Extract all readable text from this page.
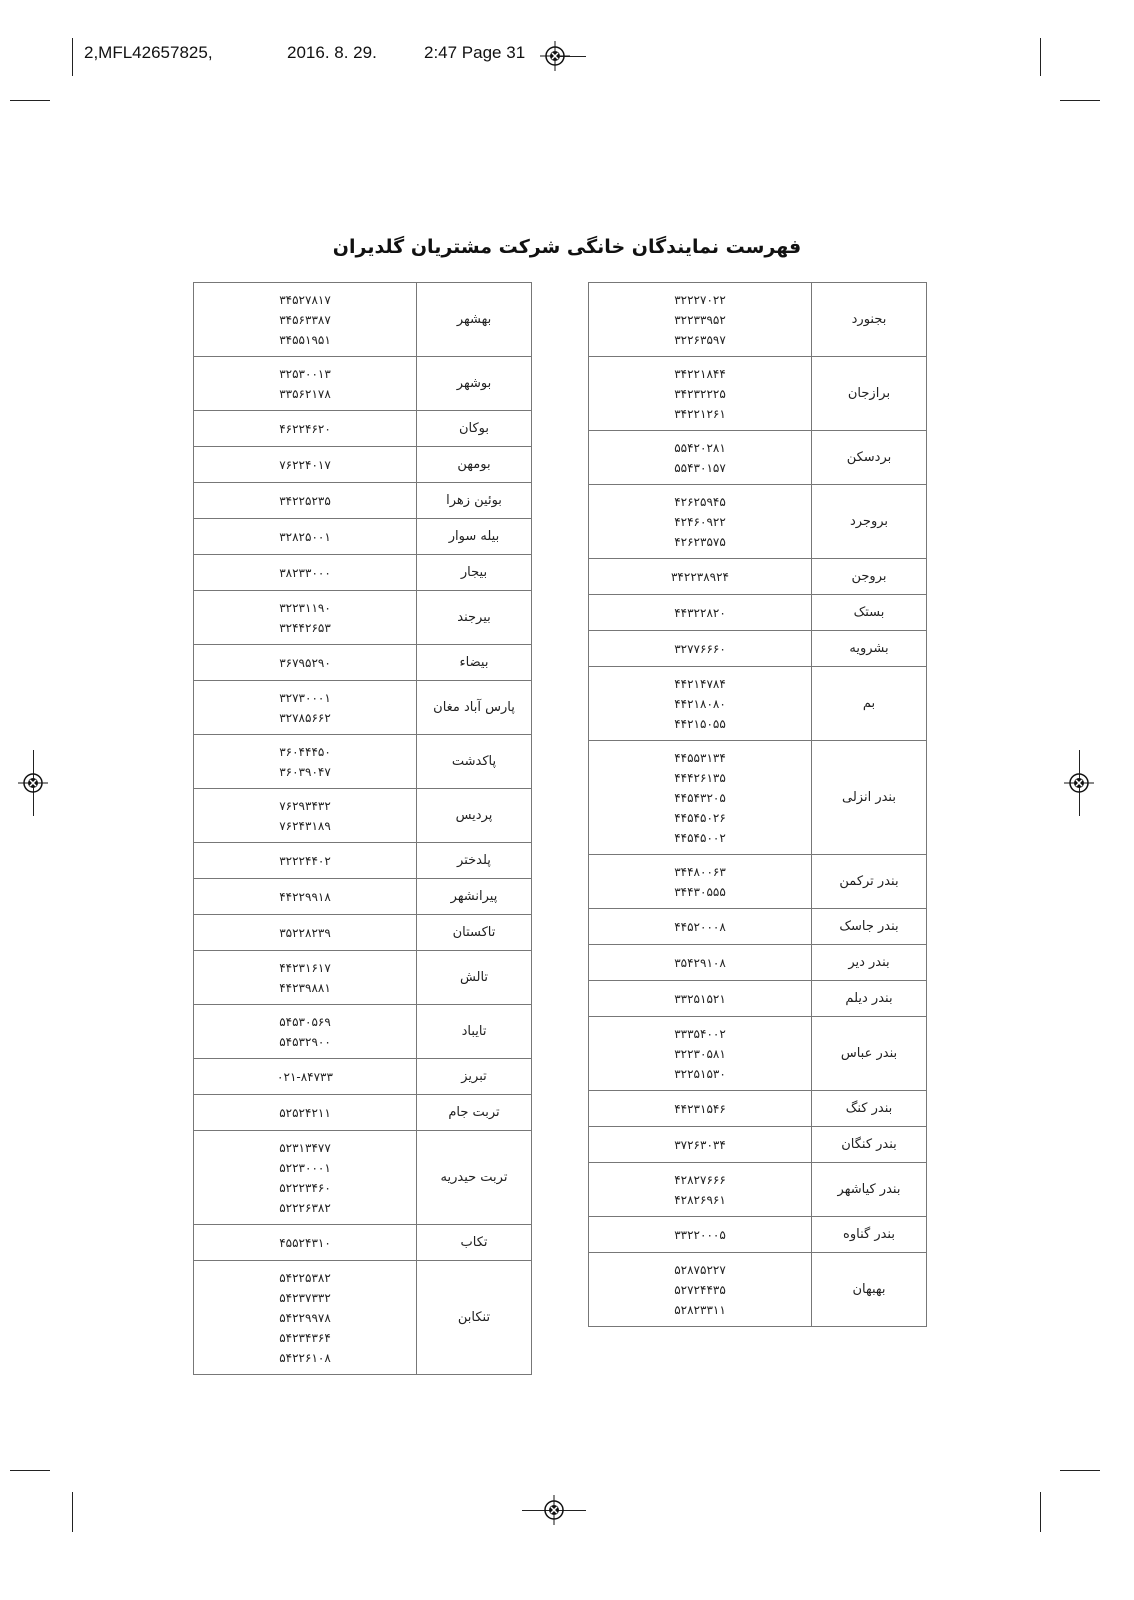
2,MFL42657825,	2016. 8. 29.	2:47 Page 31
فهرست نمایندگان خانگی شرکت مشتریان گلدیران
۳۲۲۲۷۰۲۲
۳۲۲۳۳۹۵۲
۳۲۲۶۳۵۹۷	بجنورد

۳۴۲۲۱۸۴۴
۳۴۲۳۲۲۲۵
۳۴۲۲۱۲۶۱	برازجان

۵۵۴۲۰۲۸۱
۵۵۴۳۰۱۵۷	بردسکن

۴۲۶۲۵۹۴۵
۴۲۴۶۰۹۲۲
۴۲۶۲۳۵۷۵	بروجرد

۳۴۲۲۳۸۹۲۴	بروجن

۴۴۳۲۲۸۲۰	بستک

۳۲۷۷۶۶۶۰	بشرویه

۴۴۲۱۴۷۸۴
۴۴۲۱۸۰۸۰
۴۴۲۱۵۰۵۵	بم

۴۴۵۵۳۱۳۴
۴۴۴۲۶۱۳۵
۴۴۵۴۳۲۰۵
۴۴۵۴۵۰۲۶
۴۴۵۴۵۰۰۲	بندر انزلی

۳۴۴۸۰۰۶۳
۳۴۴۳۰۵۵۵	بندر ترکمن

۴۴۵۲۰۰۰۸	بندر جاسک

۳۵۴۲۹۱۰۸	بندر دیر

۳۳۲۵۱۵۲۱	بندر دیلم

۳۳۳۵۴۰۰۲
۳۲۲۳۰۵۸۱
۳۲۲۵۱۵۳۰	بندر عباس

۴۴۲۳۱۵۴۶	بندر کنگ

۳۷۲۶۳۰۳۴	بندر کنگان

۴۲۸۲۷۶۶۶
۴۲۸۲۶۹۶۱	بندر کیاشهر

۳۳۲۲۰۰۰۵	بندر گناوه

۵۲۸۷۵۲۲۷
۵۲۷۲۴۴۳۵
۵۲۸۲۳۳۱۱	بهبهان
۳۴۵۲۷۸۱۷
۳۴۵۶۳۳۸۷
۳۴۵۵۱۹۵۱	بهشهر

۳۲۵۳۰۰۱۳
۳۳۵۶۲۱۷۸	بوشهر

۴۶۲۲۴۶۲۰	بوکان

۷۶۲۲۴۰۱۷	بومهن

۳۴۲۲۵۲۳۵	بوئین زهرا

۳۲۸۲۵۰۰۱	بیله سوار

۳۸۲۳۳۰۰۰	بیجار

۳۲۲۳۱۱۹۰
۳۲۴۴۲۶۵۳	بیرجند

۳۶۷۹۵۲۹۰	بیضاء

۳۲۷۳۰۰۰۱
۳۲۷۸۵۶۶۲	پارس آباد مغان

۳۶۰۴۴۴۵۰
۳۶۰۳۹۰۴۷	پاکدشت

۷۶۲۹۳۴۳۲
۷۶۲۴۳۱۸۹	پردیس

۳۲۲۲۴۴۰۲	پلدختر

۴۴۲۲۹۹۱۸	پیرانشهر

۳۵۲۲۸۲۳۹	تاکستان

۴۴۲۳۱۶۱۷
۴۴۲۳۹۸۸۱	تالش

۵۴۵۳۰۵۶۹
۵۴۵۳۲۹۰۰	تایباد

۰۲۱-۸۴۷۳۳	تبریز

۵۲۵۲۴۲۱۱	تربت جام

۵۲۳۱۳۴۷۷
۵۲۲۳۰۰۰۱
۵۲۲۲۳۴۶۰
۵۲۲۲۶۳۸۲	تربت حیدریه

۴۵۵۲۴۳۱۰	تکاب

۵۴۲۲۵۳۸۲
۵۴۲۳۷۳۳۲
۵۴۲۲۹۹۷۸
۵۴۲۳۴۳۶۴
۵۴۲۲۶۱۰۸	تنکابن
